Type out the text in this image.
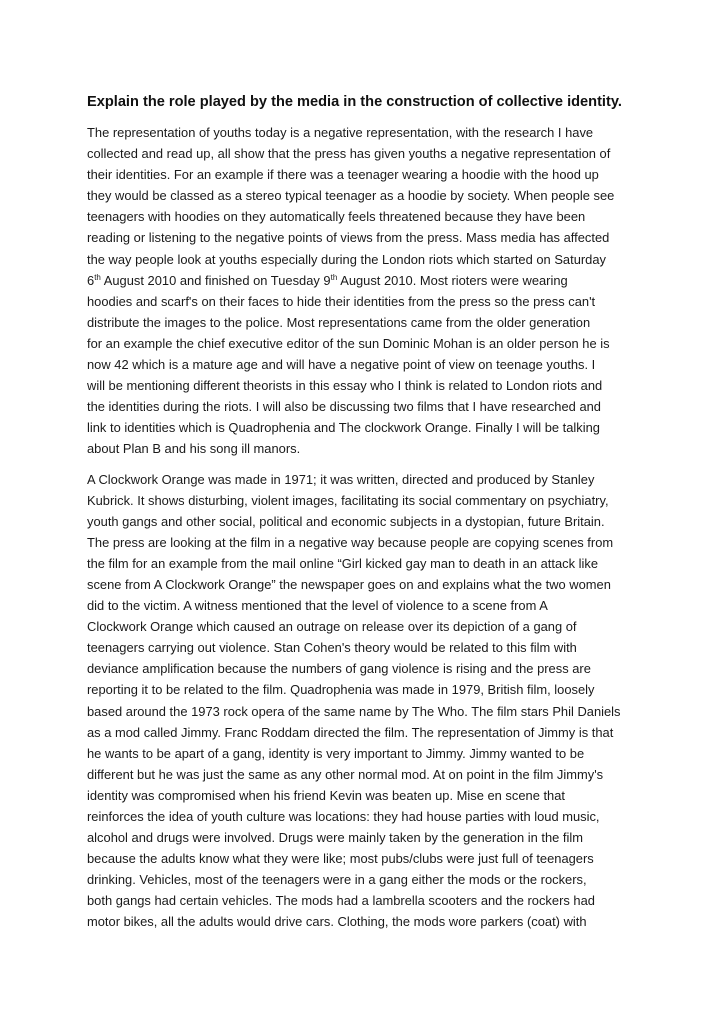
Explain the role played by the media in the construction of collective identity.
The representation of youths today is a negative representation, with the research I have
collected and read up, all show that the press has given youths a negative representation of
their identities. For an example if there was a teenager wearing a hoodie with the hood up
they would be classed as a stereo typical teenager as a hoodie by society. When people see
teenagers with hoodies on they automatically feels threatened because they have been
reading or listening to the negative points of views from the press. Mass media has affected
the way people look at youths especially during the London riots which started on Saturday
6th August 2010 and finished on Tuesday 9th August 2010. Most rioters were wearing
hoodies and scarf's on their faces to hide their identities from the press so the press can't
distribute the images to the police. Most representations came from the older generation
for an example the chief executive editor of the sun Dominic Mohan is an older person he is
now 42 which is a mature age and will have a negative point of view on teenage youths. I
will be mentioning different theorists in this essay who I think is related to London riots and
the identities during the riots. I will also be discussing two films that I have researched and
link to identities which is Quadrophenia and The clockwork Orange. Finally I will be talking
about Plan B and his song ill manors.
A Clockwork Orange was made in 1971; it was written, directed and produced by Stanley
Kubrick. It shows disturbing, violent images, facilitating its social commentary on psychiatry,
youth gangs and other social, political and economic subjects in a dystopian, future Britain.
The press are looking at the film in a negative way because people are copying scenes from
the film for an example from the mail online “Girl kicked gay man to death in an attack like
scene from A Clockwork Orange” the newspaper goes on and explains what the two women
did to the victim. A witness mentioned that the level of violence to a scene from A
Clockwork Orange which caused an outrage on release over its depiction of a gang of
teenagers carrying out violence. Stan Cohen's theory would be related to this film with
deviance amplification because the numbers of gang violence is rising and the press are
reporting it to be related to the film. Quadrophenia was made in 1979, British film, loosely
based around the 1973 rock opera of the same name by The Who. The film stars Phil Daniels
as a mod called Jimmy. Franc Roddam directed the film. The representation of Jimmy is that
he wants to be apart of a gang, identity is very important to Jimmy. Jimmy wanted to be
different but he was just the same as any other normal mod. At on point in the film Jimmy's
identity was compromised when his friend Kevin was beaten up. Mise en scene that
reinforces the idea of youth culture was locations: they had house parties with loud music,
alcohol and drugs were involved. Drugs were mainly taken by the generation in the film
because the adults know what they were like; most pubs/clubs were just full of teenagers
drinking. Vehicles, most of the teenagers were in a gang either the mods or the rockers,
both gangs had certain vehicles. The mods had a lambrella scooters and the rockers had
motor bikes, all the adults would drive cars. Clothing, the mods wore parkers (coat) with
